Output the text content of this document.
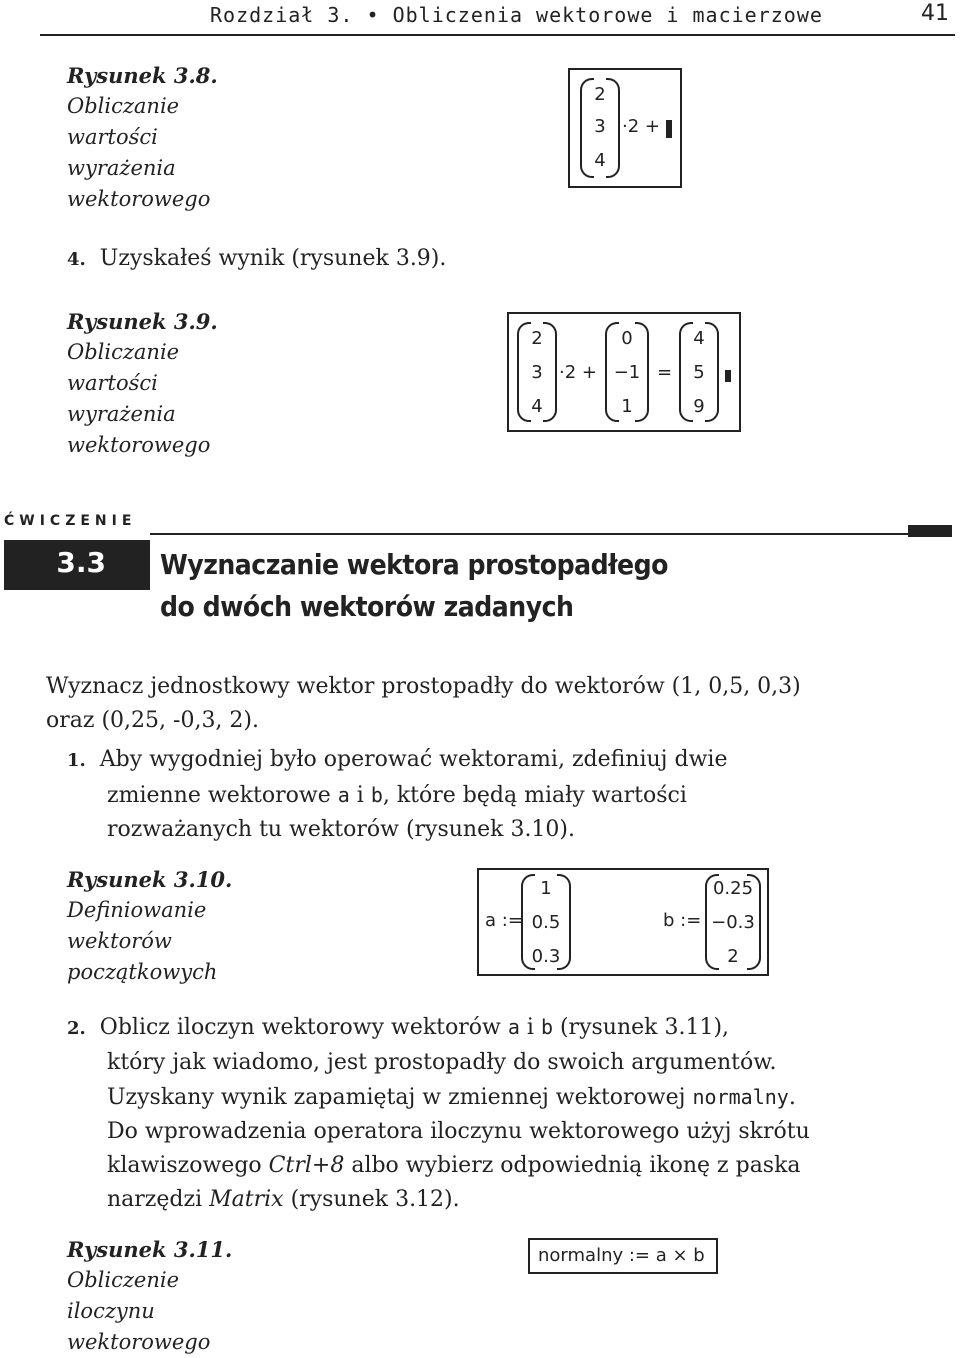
Rozdział 3. • Obliczenia wektorowe i macierzowe	41
Rysunek 3.8.
Obliczanie
wartości
wyrażenia
wektorowego
2
3
4
·2 +
4. Uzyskałeś wynik (rysunek 3.9).
Rysunek 3.9.
Obliczanie
wartości
wyrażenia
wektorowego
2
3
4
·2 +
0
−1
1
=
4
5
9
ĆWICZENIE
3.3	Wyznaczanie wektora prostopadłego
do dwóch wektorów zadanych
Wyznacz jednostkowy wektor prostopadły do wektorów (1, 0,5, 0,3)
oraz (0,25, -0,3, 2).
1. Aby wygodniej było operować wektorami, zdefiniuj dwie
zmienne wektorowe a i b, które będą miały wartości
rozważanych tu wektorów (rysunek 3.10).
Rysunek 3.10.
Definiowanie
wektorów
początkowych
a :=
1
0.5
0.3
b :=
0.25
−0.3
2
2. Oblicz iloczyn wektorowy wektorów a i b (rysunek 3.11),
który jak wiadomo, jest prostopadły do swoich argumentów.
Uzyskany wynik zapamiętaj w zmiennej wektorowej normalny.
Do wprowadzenia operatora iloczynu wektorowego użyj skrótu
klawiszowego Ctrl+8 albo wybierz odpowiednią ikonę z paska
narzędzi Matrix (rysunek 3.12).
Rysunek 3.11.
Obliczenie
iloczynu
wektorowego
normalny := a × b
